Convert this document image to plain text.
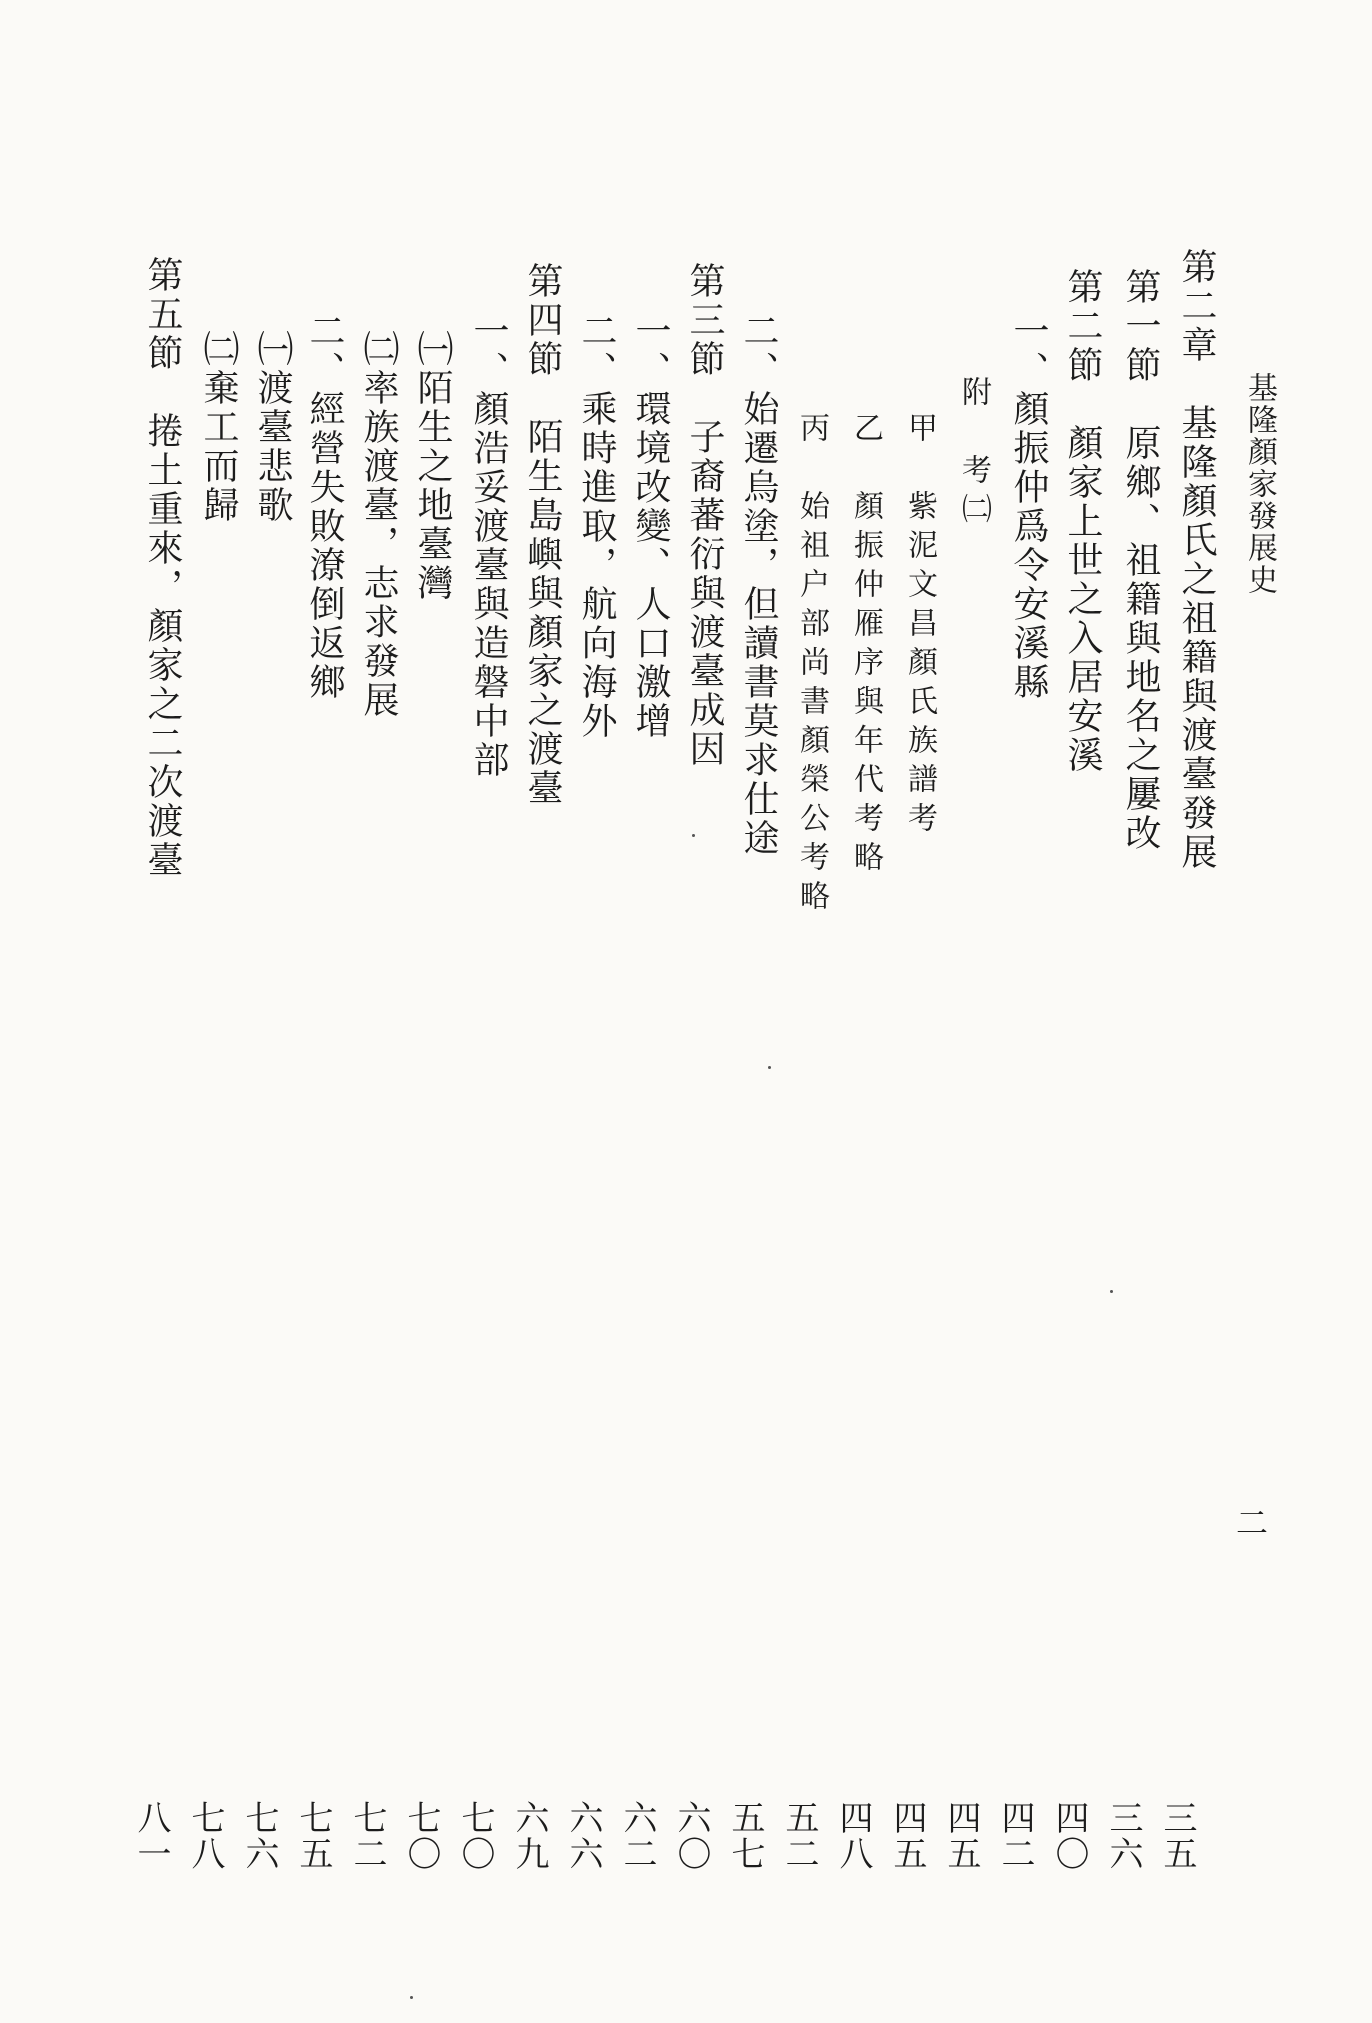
基隆顏家發展史
二
第二章　基隆顏氏之祖籍與渡臺發展
第一節　原鄉、祖籍與地名之屢改
第二節　顏家上世之入居安溪
一、顏振仲爲令安溪縣
附　考㈡
甲　紫泥文昌顏氏族譜考
乙　顏振仲雁序與年代考略
丙　始祖户部尚書顏榮公考略
二、始遷烏塗，但讀書莫求仕途
第三節　子裔蕃衍與渡臺成因
一、環境改變、人口激增
二、乘時進取，航向海外
第四節　陌生島嶼與顏家之渡臺
一、顏浩妥渡臺與造磐中部
㈠陌生之地臺灣
㈡率族渡臺，志求發展
二、經營失敗潦倒返鄉
㈠渡臺悲歌
㈡棄工而歸
第五節　捲土重來，顏家之二次渡臺
三五
三六
四〇
四二
四五
四五
四八
五二
五七
六〇
六二
六六
六九
七〇
七〇
七二
七五
七六
七八
八一
